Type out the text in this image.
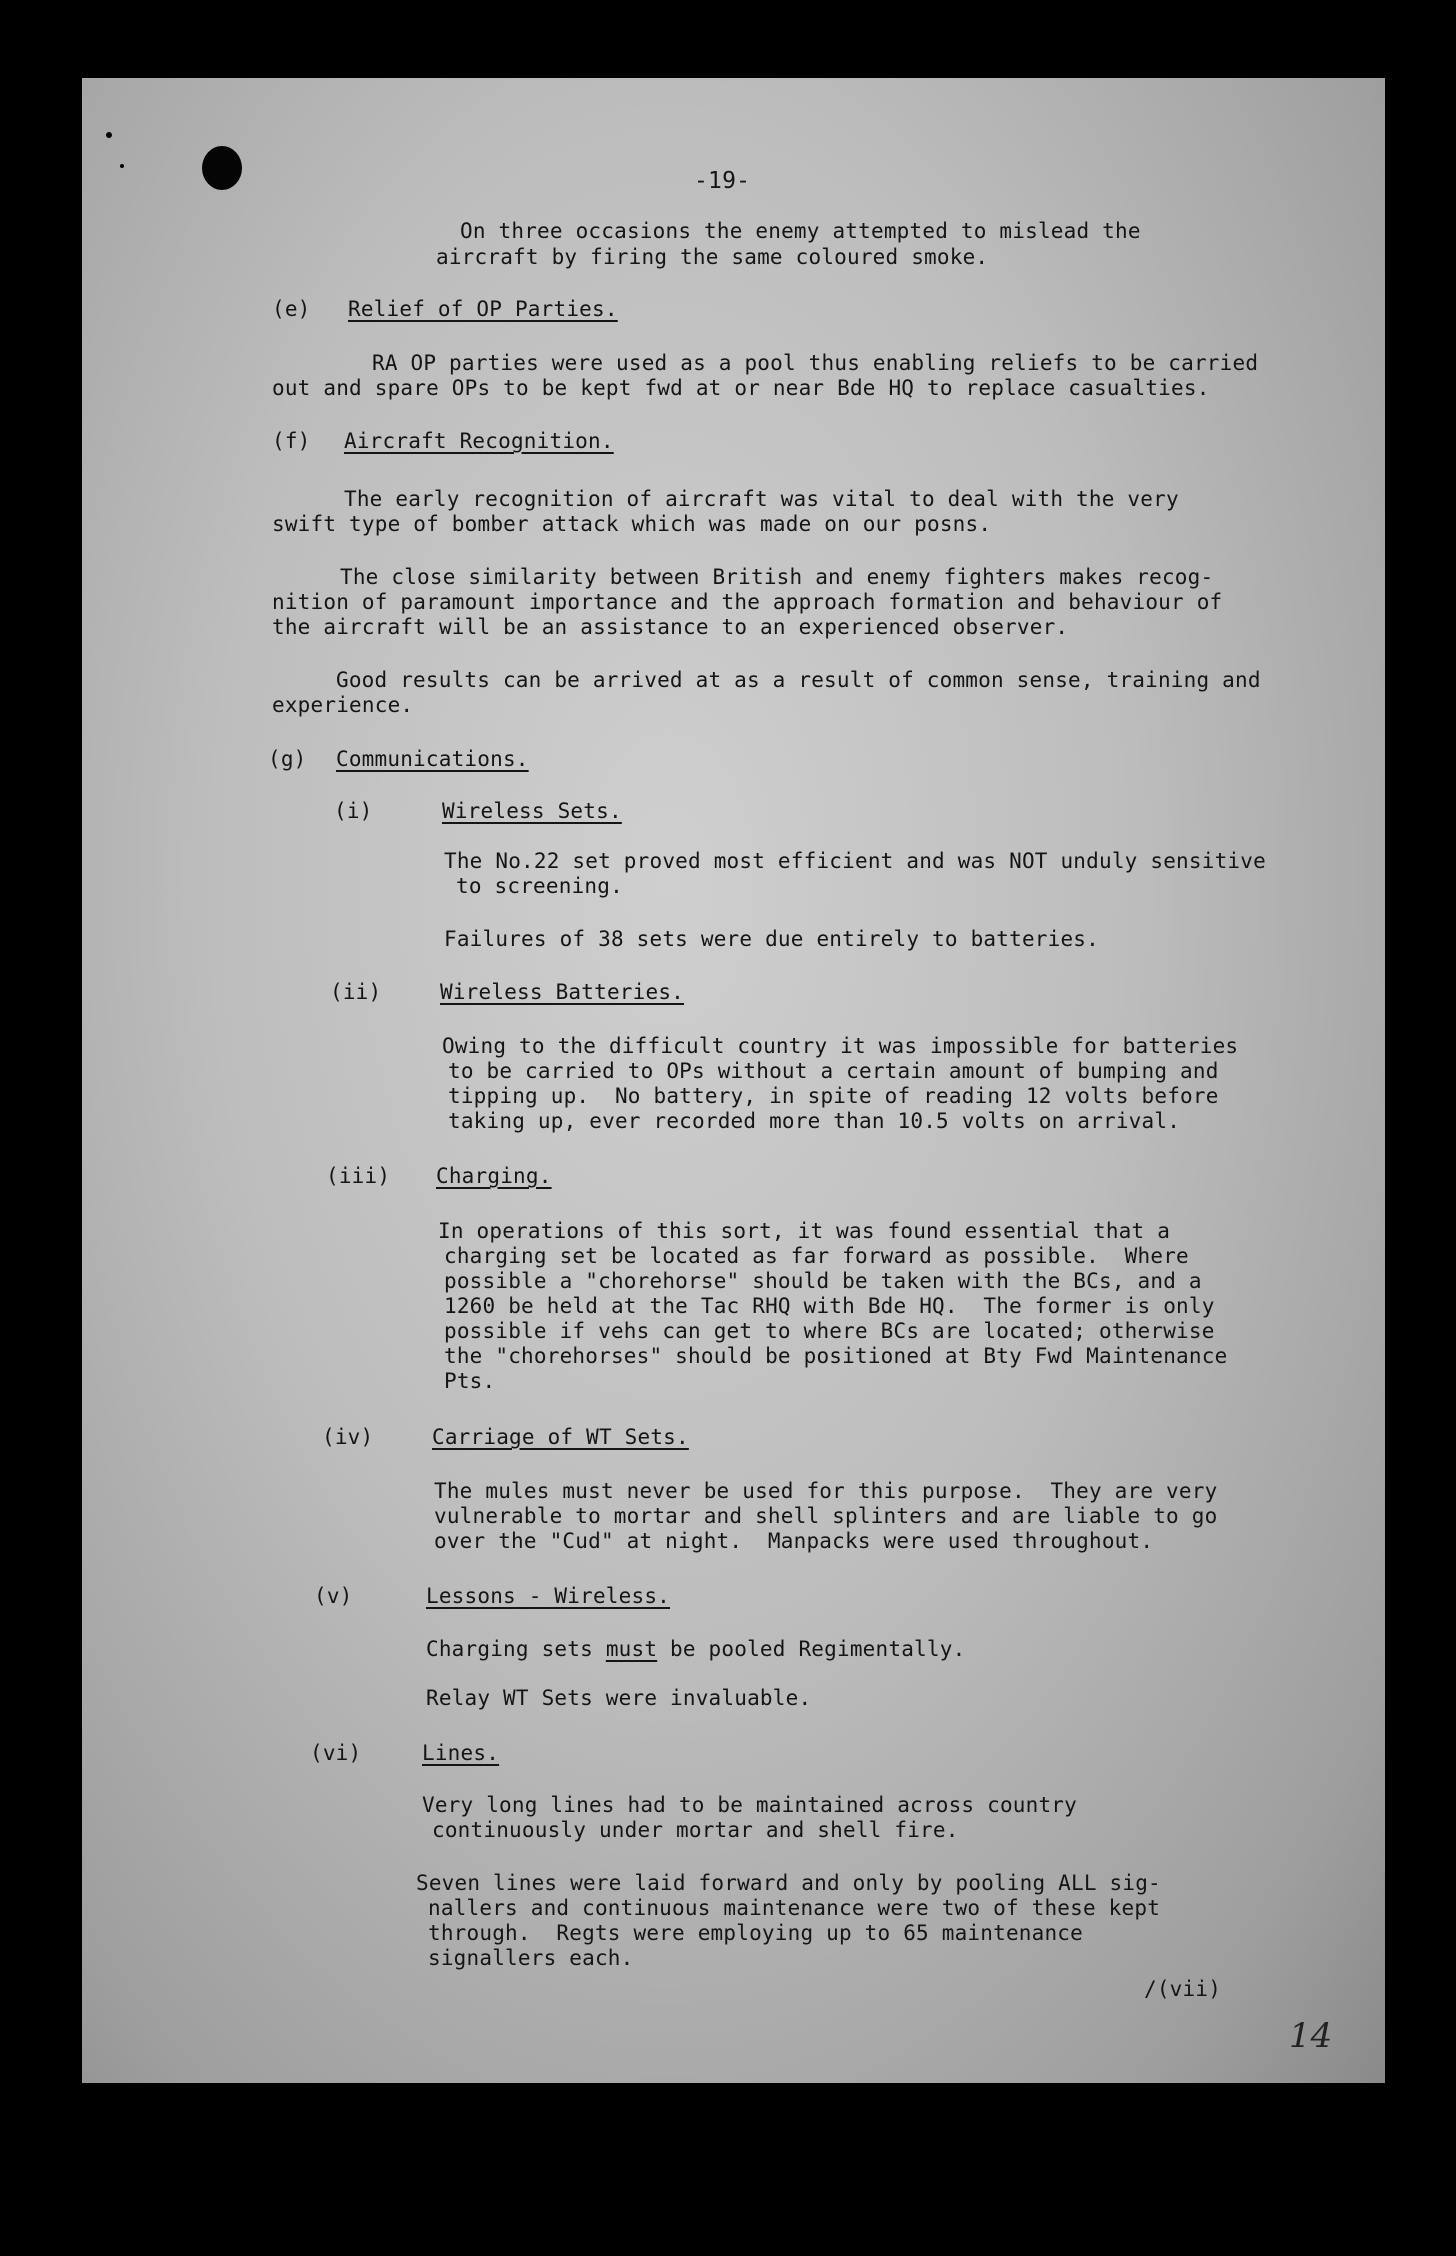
-19-
On three occasions the enemy attempted to mislead the
aircraft by firing the same coloured smoke.
(e) Relief of OP Parties.
RA OP parties were used as a pool thus enabling reliefs to be carried
out and spare OPs to be kept fwd at or near Bde HQ to replace casualties.
(f) Aircraft Recognition.
The early recognition of aircraft was vital to deal with the very
swift type of bomber attack which was made on our posns.
The close similarity between British and enemy fighters makes recog-
nition of paramount importance and the approach formation and behaviour of
the aircraft will be an assistance to an experienced observer.
Good results can be arrived at as a result of common sense, training and
experience.
(g) Communications.
(i)	Wireless Sets.
The No.22 set proved most efficient and was NOT unduly sensitive
to screening.
Failures of 38 sets were due entirely to batteries.
(ii)	Wireless Batteries.
Owing to the difficult country it was impossible for batteries
to be carried to OPs without a certain amount of bumping and
tipping up.  No battery, in spite of reading 12 volts before
taking up, ever recorded more than 10.5 volts on arrival.
(iii) Charging.
In operations of this sort, it was found essential that a
charging set be located as far forward as possible.  Where
possible a "chorehorse" should be taken with the BCs, and a
1260 be held at the Tac RHQ with Bde HQ.  The former is only
possible if vehs can get to where BCs are located; otherwise
the "chorehorses" should be positioned at Bty Fwd Maintenance
Pts.
(iv)	Carriage of WT Sets.
The mules must never be used for this purpose.  They are very
vulnerable to mortar and shell splinters and are liable to go
over the "Cud" at night.  Manpacks were used throughout.
(v)	Lessons - Wireless.
Charging sets must be pooled Regimentally.
Relay WT Sets were invaluable.
(vi)	Lines.
Very long lines had to be maintained across country
continuously under mortar and shell fire.
Seven lines were laid forward and only by pooling ALL sig-
nallers and continuous maintenance were two of these kept
through.  Regts were employing up to 65 maintenance
signallers each.
/(vii)
14
